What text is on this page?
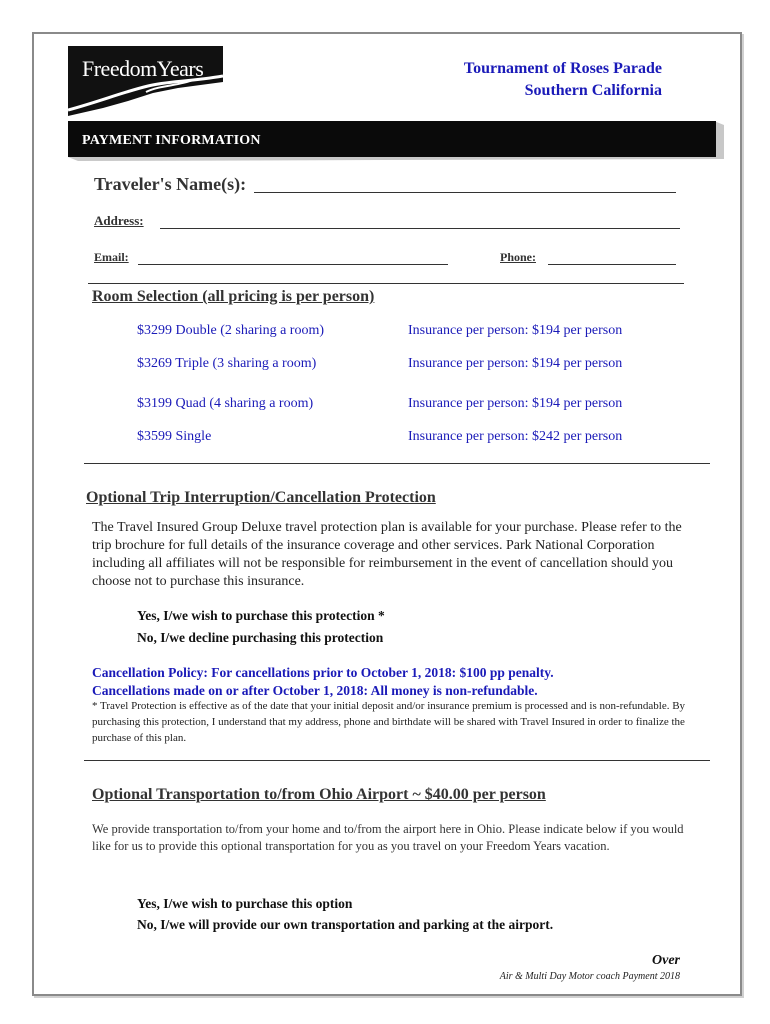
FreedomYears	Tournament of Roses Parade
Southern California
PAYMENT INFORMATION
Traveler's Name(s):
Address:
Email:	Phone:
Room Selection (all pricing is per person)
$3299 Double (2 sharing a room)	Insurance per person: $194 per person
$3269 Triple (3 sharing a room)	Insurance per person: $194 per person
$3199 Quad (4 sharing a room)	Insurance per person: $194 per person
$3599 Single	Insurance per person: $242 per person
Optional Trip Interruption/Cancellation Protection
The Travel Insured Group Deluxe travel protection plan is available for your purchase. Please refer to the trip brochure for full details of the insurance coverage and other services. Park National Corporation including all affiliates will not be responsible for reimbursement in the event of cancellation should you choose not to purchase this insurance.
Yes, I/we wish to purchase this protection *
No, I/we decline purchasing this protection
Cancellation Policy: For cancellations prior to October 1, 2018: $100 pp penalty.
Cancellations made on or after October 1, 2018: All money is non-refundable.
* Travel Protection is effective as of the date that your initial deposit and/or insurance premium is processed and is non-refundable. By purchasing this protection, I understand that my address, phone and birthdate will be shared with Travel Insured in order to finalize the purchase of this plan.
Optional Transportation to/from Ohio Airport ~ $40.00 per person
We provide transportation to/from your home and to/from the airport here in Ohio. Please indicate below if you would like for us to provide this optional transportation for you as you travel on your Freedom Years vacation.
Yes, I/we wish to purchase this option
No, I/we will provide our own transportation and parking at the airport.
Over
Air & Multi Day Motor coach Payment 2018
